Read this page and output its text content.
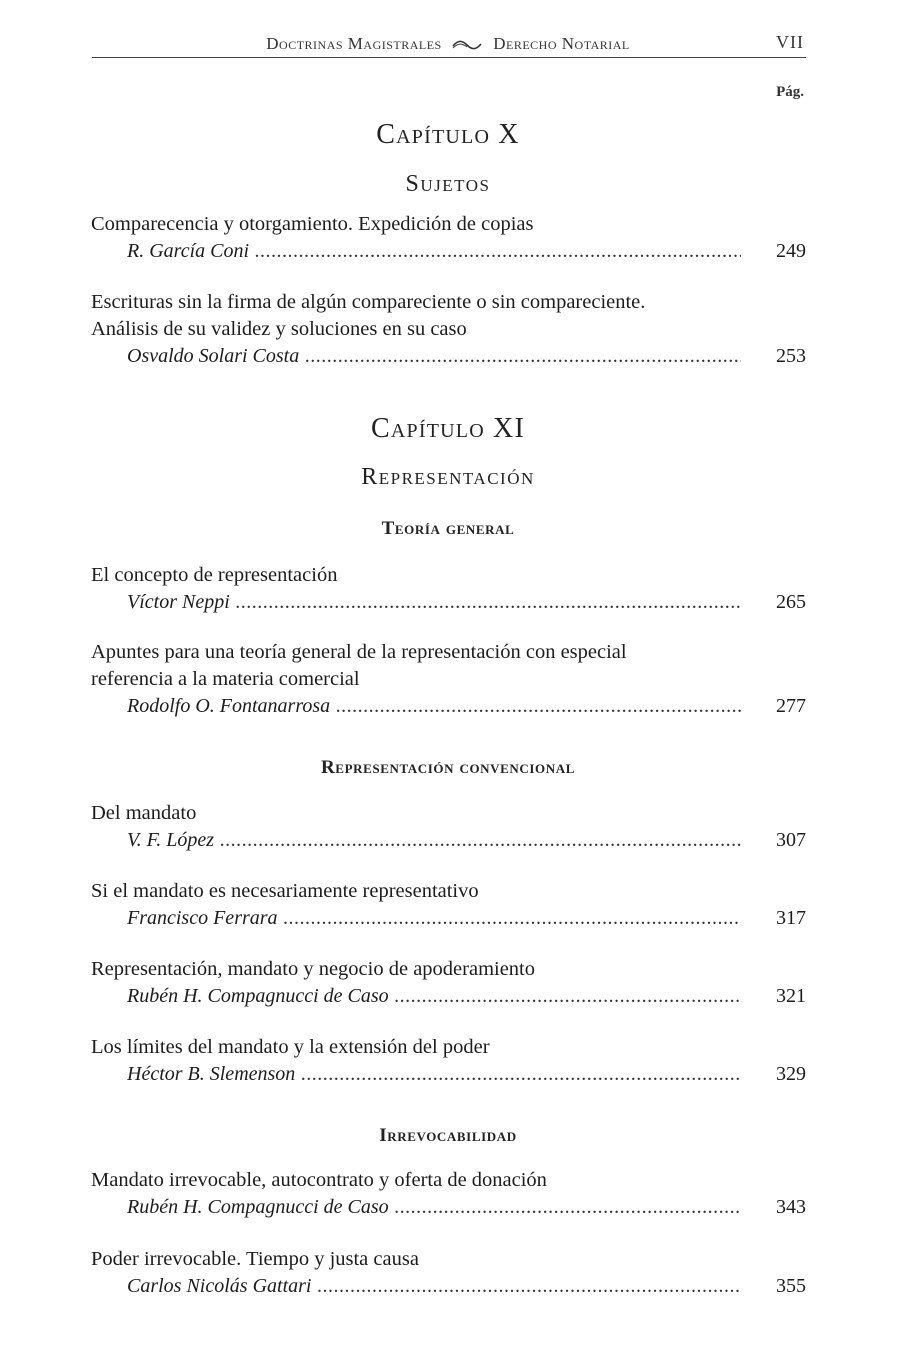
Doctrinas Magistrales	Derecho Notarial	VII
Pág.
Capítulo X
Sujetos
Comparecencia y otorgamiento. Expedición de copias
R. García Coni .....	249
Escrituras sin la firma de algún compareciente o sin compareciente.
Análisis de su validez y soluciones en su caso
Osvaldo Solari Costa .....	253
Capítulo XI
Representación
Teoría general
El concepto de representación
Víctor Neppi .....	265
Apuntes para una teoría general de la representación con especial
referencia a la materia comercial
Rodolfo O. Fontanarrosa .....	277
Representación convencional
Del mandato
V. F. López .....	307
Si el mandato es necesariamente representativo
Francisco Ferrara .....	317
Representación, mandato y negocio de apoderamiento
Rubén H. Compagnucci de Caso .....	321
Los límites del mandato y la extensión del poder
Héctor B. Slemenson .....	329
Irrevocabilidad
Mandato irrevocable, autocontrato y oferta de donación
Rubén H. Compagnucci de Caso .....	343
Poder irrevocable. Tiempo y justa causa
Carlos Nicolás Gattari .....	355
